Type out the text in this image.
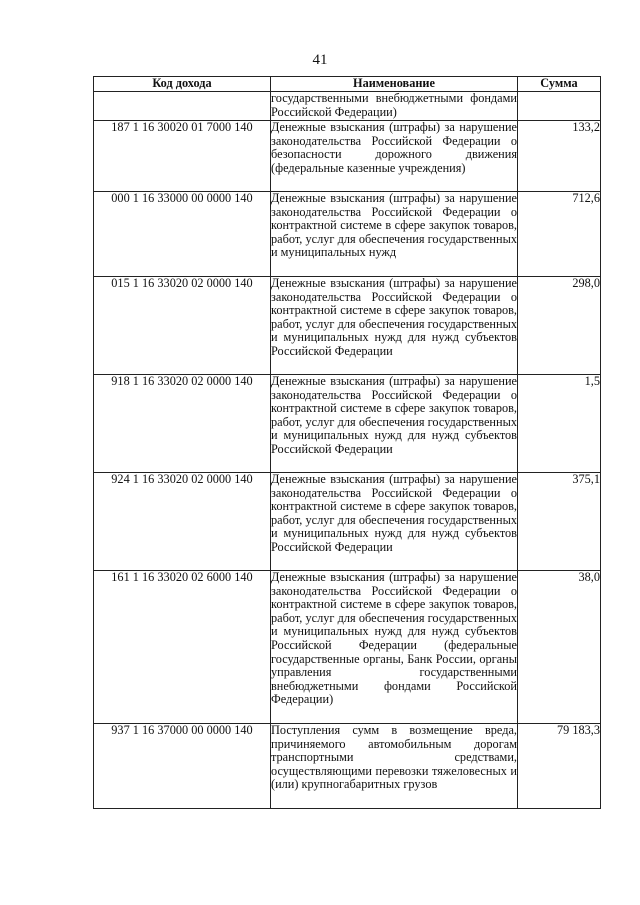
41
Код дохода	Наименование	Сумма

	государственными внебюджетными фондами Российской Федерации)	

187 1 16 30020 01 7000 140	Денежные взыскания (штрафы) за нарушение законодательства Российской Федерации о безопасности дорожного движения (федеральные казенные учреждения)	133,2
000 1 16 33000 00 0000 140	Денежные взыскания (штрафы) за нарушение законодательства Российской Федерации о контрактной системе в сфере закупок товаров, работ, услуг для обеспечения государственных и муниципальных нужд	712,6
015 1 16 33020 02 0000 140	Денежные взыскания (штрафы) за нарушение законодательства Российской Федерации о контрактной системе в сфере закупок товаров, работ, услуг для обеспечения государственных и муниципальных нужд для нужд субъектов Российской Федерации	298,0
918 1 16 33020 02 0000 140	Денежные взыскания (штрафы) за нарушение законодательства Российской Федерации о контрактной системе в сфере закупок товаров, работ, услуг для обеспечения государственных и муниципальных нужд для нужд субъектов Российской Федерации	1,5
924 1 16 33020 02 0000 140	Денежные взыскания (штрафы) за нарушение законодательства Российской Федерации о контрактной системе в сфере закупок товаров, работ, услуг для обеспечения государственных и муниципальных нужд для нужд субъектов Российской Федерации	375,1
161 1 16 33020 02 6000 140	Денежные взыскания (штрафы) за нарушение законодательства Российской Федерации о контрактной системе в сфере закупок товаров, работ, услуг для обеспечения государственных и муниципальных нужд для нужд субъектов Российской Федерации (федеральные государственные органы, Банк России, органы управления государственными внебюджетными фондами Российской Федерации)	38,0
937 1 16 37000 00 0000 140	Поступления сумм в возмещение вреда, причиняемого автомобильным дорогам транспортными средствами, осуществляющими перевозки тяжеловесных и (или) крупногабаритных грузов	79 183,3
